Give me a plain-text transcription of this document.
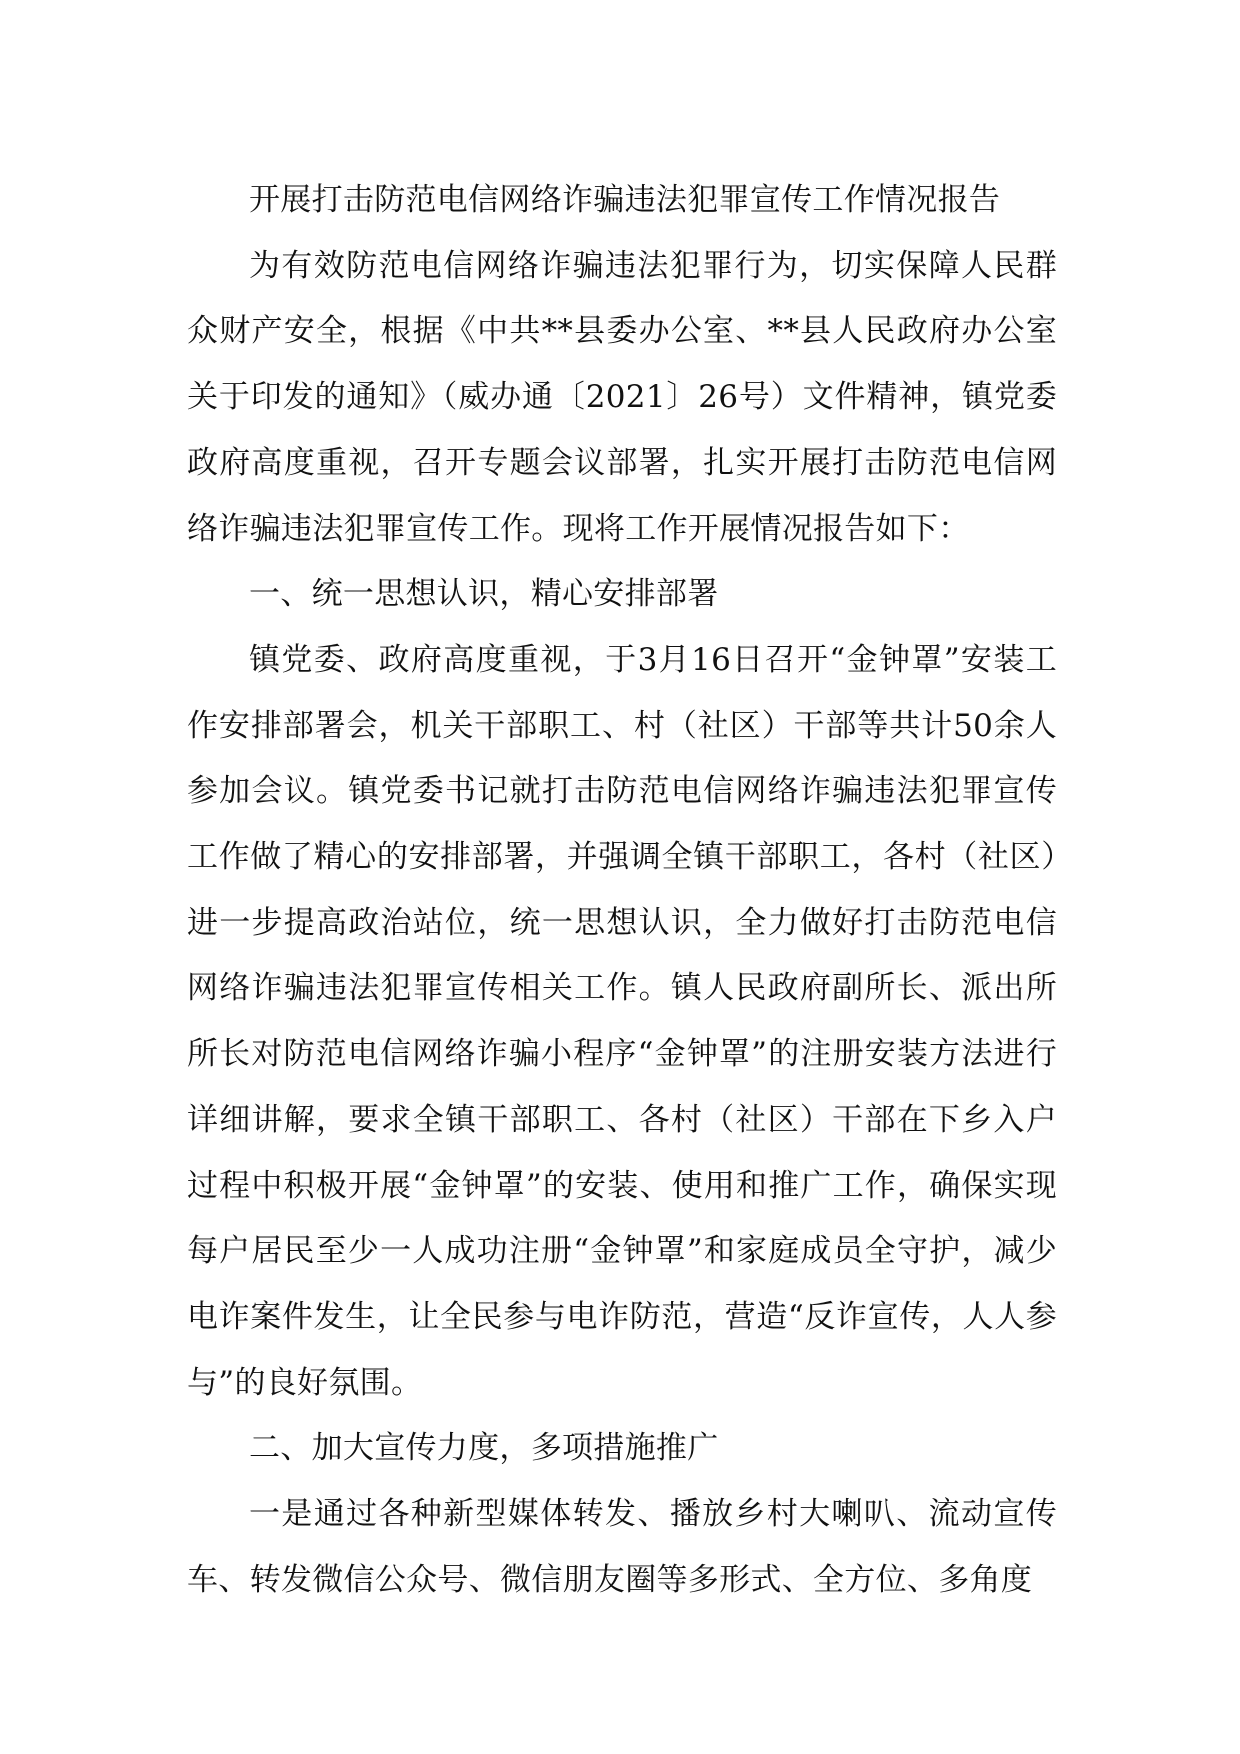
开展打击防范电信网络诈骗违法犯罪宣传工作情况报告

为有效防范电信网络诈骗违法犯罪行为，切实保障人民群众财产安全，根据《中共**县委办公室、**县人民政府办公室关于印发的通知》（威办通〔2021〕26号）文件精神，镇党委政府高度重视，召开专题会议部署，扎实开展打击防范电信网络诈骗违法犯罪宣传工作。现将工作开展情况报告如下：

一、统一思想认识，精心安排部署

镇党委、政府高度重视，于3月16日召开“金钟罩”安装工作安排部署会，机关干部职工、村（社区）干部等共计50余人参加会议。镇党委书记就打击防范电信网络诈骗违法犯罪宣传工作做了精心的安排部署，并强调全镇干部职工，各村（社区）进一步提高政治站位，统一思想认识，全力做好打击防范电信网络诈骗违法犯罪宣传相关工作。镇人民政府副所长、派出所所长对防范电信网络诈骗小程序“金钟罩”的注册安装方法进行详细讲解，要求全镇干部职工、各村（社区）干部在下乡入户过程中积极开展“金钟罩”的安装、使用和推广工作，确保实现每户居民至少一人成功注册“金钟罩”和家庭成员全守护，减少电诈案件发生，让全民参与电诈防范，营造“反诈宣传，人人参与”的良好氛围。

二、加大宣传力度，多项措施推广

一是通过各种新型媒体转发、播放乡村大喇叭、流动宣传车、转发微信公众号、微信朋友圈等多形式、全方位、多角度
